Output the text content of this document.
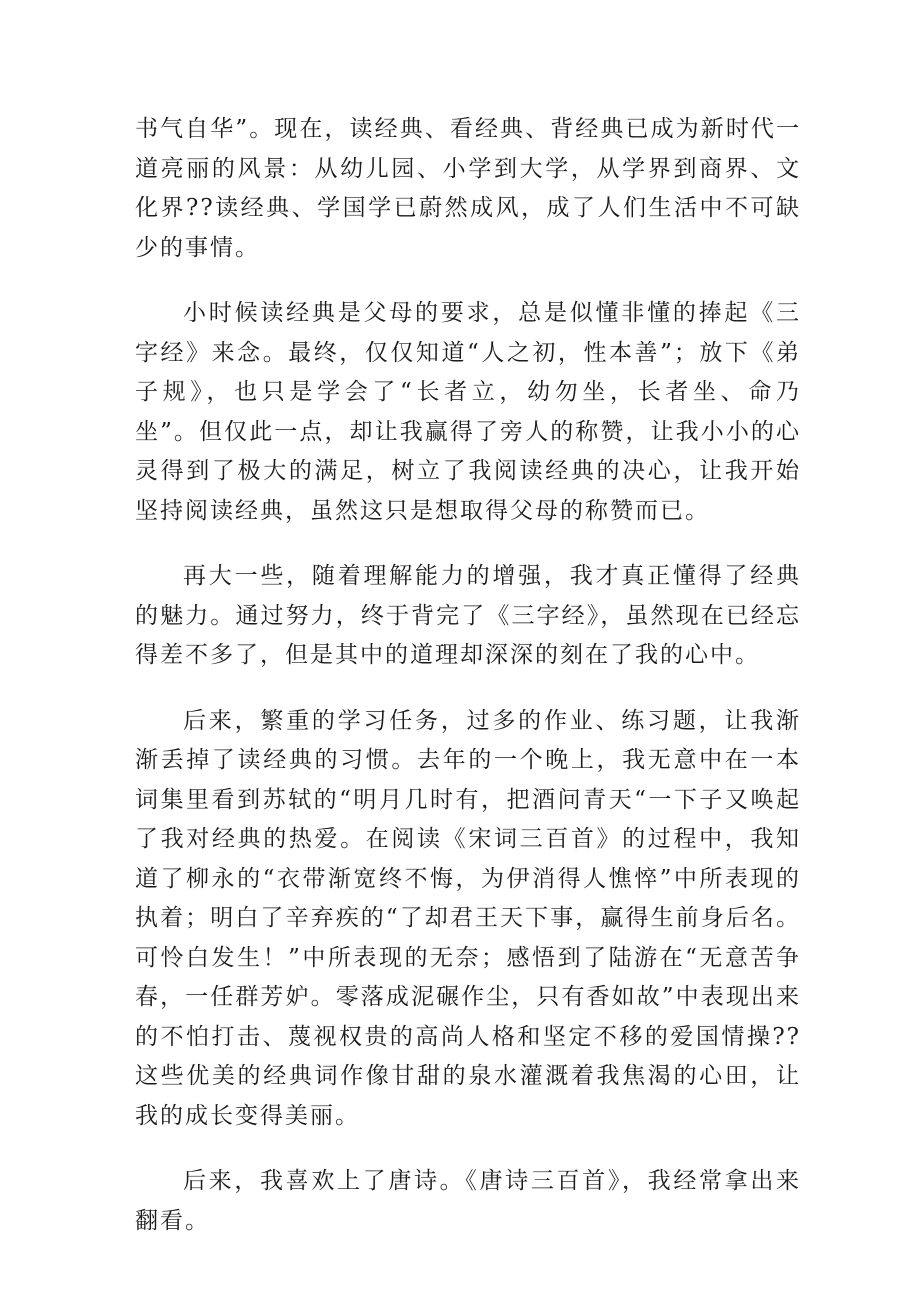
书气自华”。现在，读经典、看经典、背经典已成为新时代一道亮丽的风景：从幼儿园、小学到大学，从学界到商界、文化界??读经典、学国学已蔚然成风，成了人们生活中不可缺少的事情。

小时候读经典是父母的要求，总是似懂非懂的捧起《三字经》来念。最终，仅仅知道“人之初，性本善”；放下《弟子规》，也只是学会了“长者立，幼勿坐，长者坐、命乃坐”。但仅此一点，却让我赢得了旁人的称赞，让我小小的心灵得到了极大的满足，树立了我阅读经典的决心，让我开始坚持阅读经典，虽然这只是想取得父母的称赞而已。

再大一些，随着理解能力的增强，我才真正懂得了经典的魅力。通过努力，终于背完了《三字经》，虽然现在已经忘得差不多了，但是其中的道理却深深的刻在了我的心中。

后来，繁重的学习任务，过多的作业、练习题，让我渐渐丢掉了读经典的习惯。去年的一个晚上，我无意中在一本词集里看到苏轼的“明月几时有，把酒问青天“一下子又唤起了我对经典的热爱。在阅读《宋词三百首》的过程中，我知道了柳永的“衣带渐宽终不悔，为伊消得人憔悴”中所表现的执着；明白了辛弃疾的“了却君王天下事，赢得生前身后名。可怜白发生！”中所表现的无奈；感悟到了陆游在“无意苦争春，一任群芳妒。零落成泥碾作尘，只有香如故”中表现出来的不怕打击、蔑视权贵的高尚人格和坚定不移的爱国情操??这些优美的经典词作像甘甜的泉水灌溉着我焦渴的心田，让我的成长变得美丽。

后来，我喜欢上了唐诗。《唐诗三百首》，我经常拿出来翻看。
